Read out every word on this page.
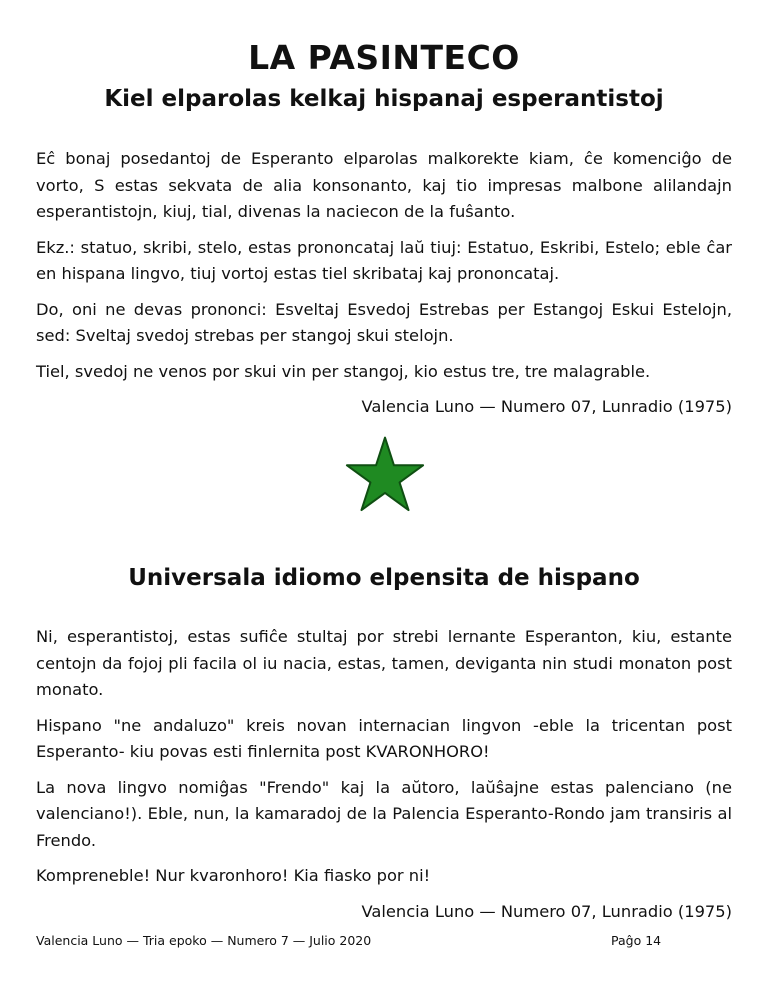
LA PASINTECO
Kiel elparolas kelkaj hispanaj esperantistoj

Eĉ bonaj posedantoj de Esperanto elparolas malkorekte kiam, ĉe komenciĝo de vorto, S estas sekvata de alia konsonanto, kaj tio impresas malbone alilandajn esperantistojn, kiuj, tial, divenas la naciecon de la fuŝanto.

Ekz.: statuo, skribi, stelo, estas prononcataj laŭ tiuj: Estatuo, Eskribi, Estelo; eble ĉar en hispana lingvo, tiuj vortoj estas tiel skribataj kaj prononcataj.

Do, oni ne devas prononci: Esveltaj Esvedoj Estrebas per Estangoj Eskui Estelojn, sed: Sveltaj svedoj strebas per stangoj skui stelojn.

Tiel, svedoj ne venos por skui vin per stangoj, kio estus tre, tre malagrable.

Valencia Luno — Numero 07, Lunradio (1975)

Universala idiomo elpensita de hispano

Ni, esperantistoj, estas sufiĉe stultaj por strebi lernante Esperanton, kiu, estante centojn da fojoj pli facila ol iu nacia, estas, tamen, deviganta nin studi monaton post monato.

Hispano "ne andaluzo" kreis novan internacian lingvon -eble la tricentan post Esperanto- kiu povas esti finlernita post KVARONHORO!

La nova lingvo nomiĝas "Frendo" kaj la aŭtoro, laŭŝajne estas palenciano (ne valenciano!). Eble, nun, la kamaradoj de la Palencia Esperanto-Rondo jam transiris al Frendo.

Kompreneble! Nur kvaronhoro! Kia fiasko por ni!

Valencia Luno — Numero 07, Lunradio (1975)

Valencia Luno — Tria epoko — Numero 7 — Julio 2020	Paĝo 14
